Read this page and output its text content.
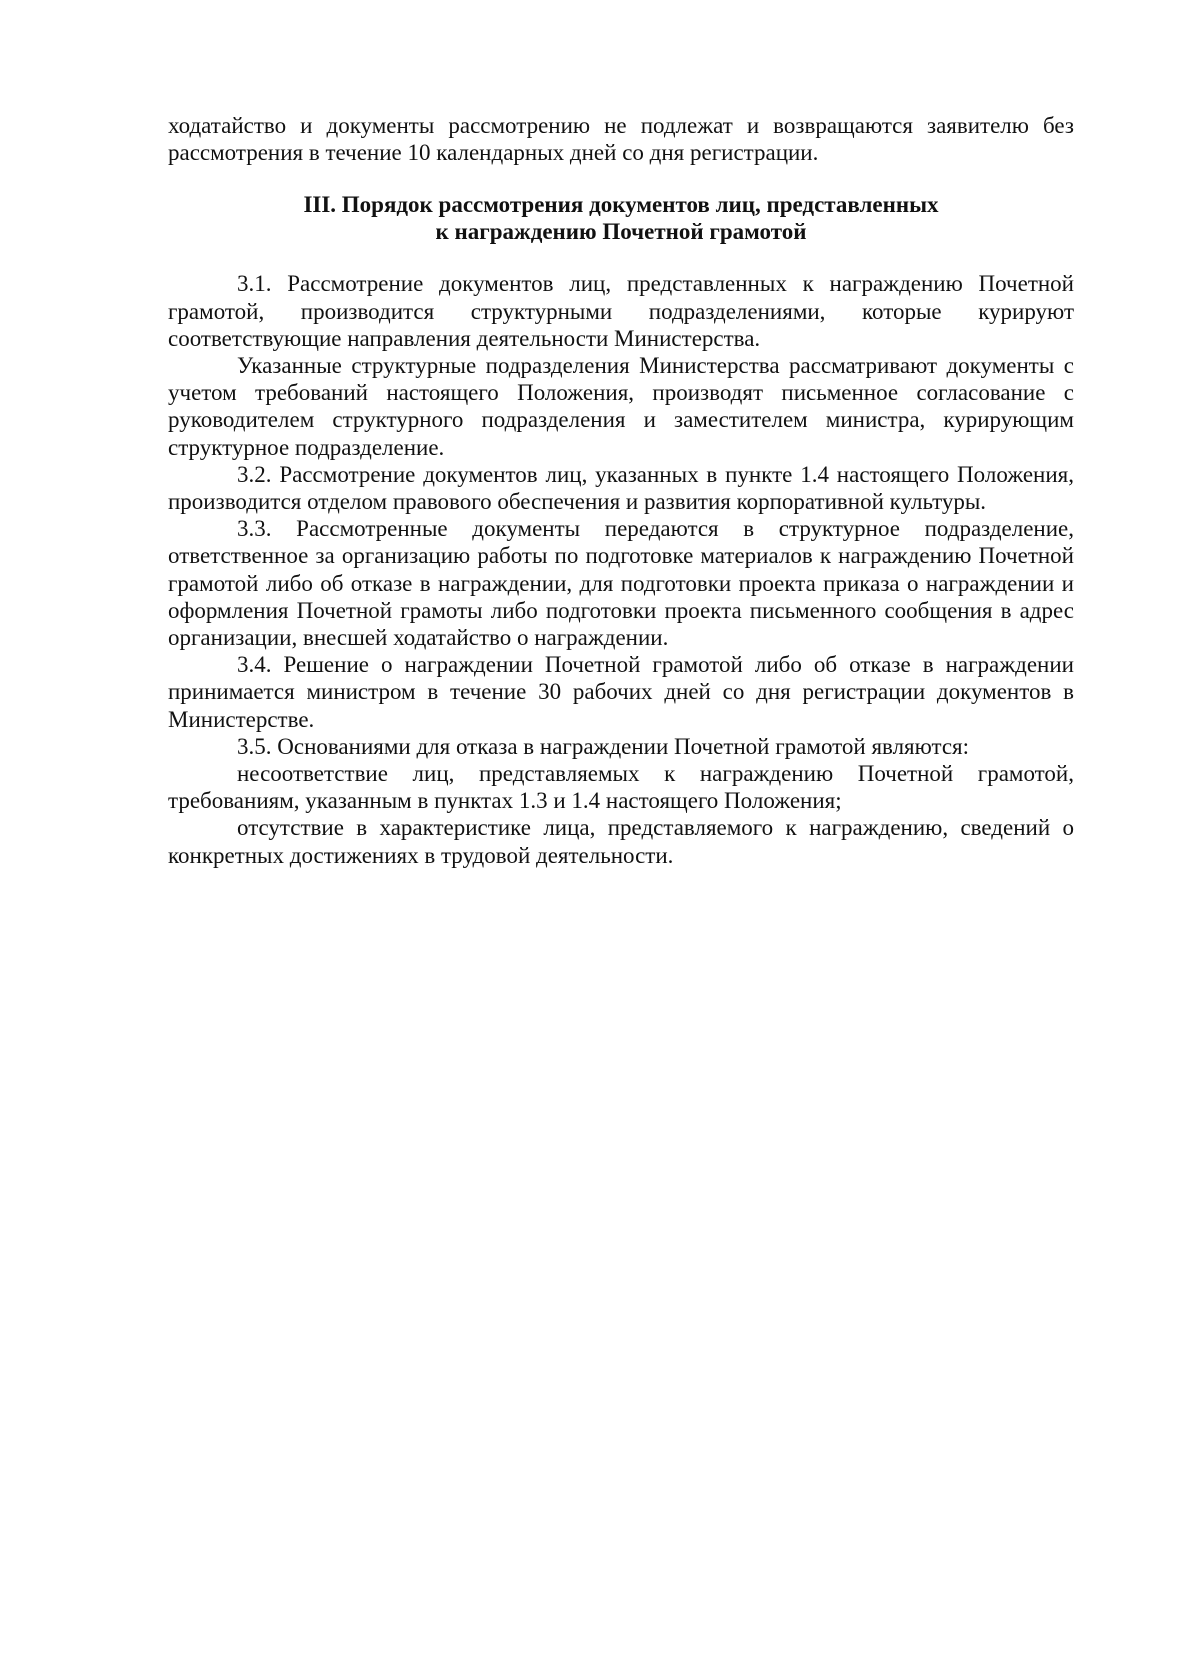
ходатайство и документы рассмотрению не подлежат и возвращаются заявителю без рассмотрения в течение 10 календарных дней со дня регистрации.

III. Порядок рассмотрения документов лиц, представленных
к награждению Почетной грамотой

3.1. Рассмотрение документов лиц, представленных к награждению Почетной грамотой, производится структурными подразделениями, которые курируют соответствующие направления деятельности Министерства.

Указанные структурные подразделения Министерства рассматривают документы с учетом требований настоящего Положения, производят письменное согласование с руководителем структурного подразделения и заместителем министра, курирующим структурное подразделение.

3.2. Рассмотрение документов лиц, указанных в пункте 1.4 настоящего Положения, производится отделом правового обеспечения и развития корпоративной культуры.

3.3. Рассмотренные документы передаются в структурное подразделение, ответственное за организацию работы по подготовке материалов к награждению Почетной грамотой либо об отказе в награждении, для подготовки проекта приказа о награждении и оформления Почетной грамоты либо подготовки проекта письменного сообщения в адрес организации, внесшей ходатайство о награждении.

3.4. Решение о награждении Почетной грамотой либо об отказе в награждении принимается министром в течение 30 рабочих дней со дня регистрации документов в Министерстве.

3.5. Основаниями для отказа в награждении Почетной грамотой являются:

несоответствие лиц, представляемых к награждению Почетной грамотой, требованиям, указанным в пунктах 1.3 и 1.4 настоящего Положения;

отсутствие в характеристике лица, представляемого к награждению, сведений о конкретных достижениях в трудовой деятельности.
